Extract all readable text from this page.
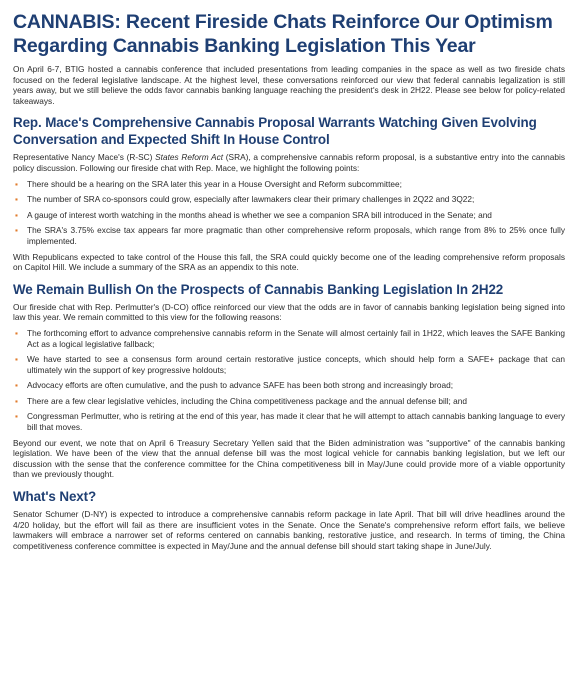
CANNABIS: Recent Fireside Chats Reinforce Our Optimism Regarding Cannabis Banking Legislation This Year

On April 6-7, BTIG hosted a cannabis conference that included presentations from leading companies in the space as well as two fireside chats focused on the federal legislative landscape. At the highest level, these conversations reinforced our view that federal cannabis legalization is still years away, but we still believe the odds favor cannabis banking language reaching the president's desk in 2H22. Please see below for policy-related takeaways.

Rep. Mace's Comprehensive Cannabis Proposal Warrants Watching Given Evolving Conversation and Expected Shift In House Control

Representative Nancy Mace's (R-SC) States Reform Act (SRA), a comprehensive cannabis reform proposal, is a substantive entry into the cannabis policy discussion. Following our fireside chat with Rep. Mace, we highlight the following points:

▪ There should be a hearing on the SRA later this year in a House Oversight and Reform subcommittee;
▪ The number of SRA co-sponsors could grow, especially after lawmakers clear their primary challenges in 2Q22 and 3Q22;
▪ A gauge of interest worth watching in the months ahead is whether we see a companion SRA bill introduced in the Senate; and
▪ The SRA's 3.75% excise tax appears far more pragmatic than other comprehensive reform proposals, which range from 8% to 25% once fully implemented.

With Republicans expected to take control of the House this fall, the SRA could quickly become one of the leading comprehensive reform proposals on Capitol Hill. We include a summary of the SRA as an appendix to this note.

We Remain Bullish On the Prospects of Cannabis Banking Legislation In 2H22

Our fireside chat with Rep. Perlmutter's (D-CO) office reinforced our view that the odds are in favor of cannabis banking legislation being signed into law this year. We remain committed to this view for the following reasons:

▪ The forthcoming effort to advance comprehensive cannabis reform in the Senate will almost certainly fail in 1H22, which leaves the SAFE Banking Act as a logical legislative fallback;
▪ We have started to see a consensus form around certain restorative justice concepts, which should help form a SAFE+ package that can ultimately win the support of key progressive holdouts;
▪ Advocacy efforts are often cumulative, and the push to advance SAFE has been both strong and increasingly broad;
▪ There are a few clear legislative vehicles, including the China competitiveness package and the annual defense bill; and
▪ Congressman Perlmutter, who is retiring at the end of this year, has made it clear that he will attempt to attach cannabis banking language to every bill that moves.

Beyond our event, we note that on April 6 Treasury Secretary Yellen said that the Biden administration was "supportive" of the cannabis banking legislation. We have been of the view that the annual defense bill was the most logical vehicle for cannabis banking legislation, but we left our discussion with the sense that the conference committee for the China competitiveness bill in May/June could provide more of a viable opportunity than we previously thought.

What's Next?

Senator Schumer (D-NY) is expected to introduce a comprehensive cannabis reform package in late April. That bill will drive headlines around the 4/20 holiday, but the effort will fail as there are insufficient votes in the Senate. Once the Senate's comprehensive reform effort fails, we believe lawmakers will embrace a narrower set of reforms centered on cannabis banking, restorative justice, and research. In terms of timing, the China competitiveness conference committee is expected in May/June and the annual defense bill should start taking shape in June/July.
